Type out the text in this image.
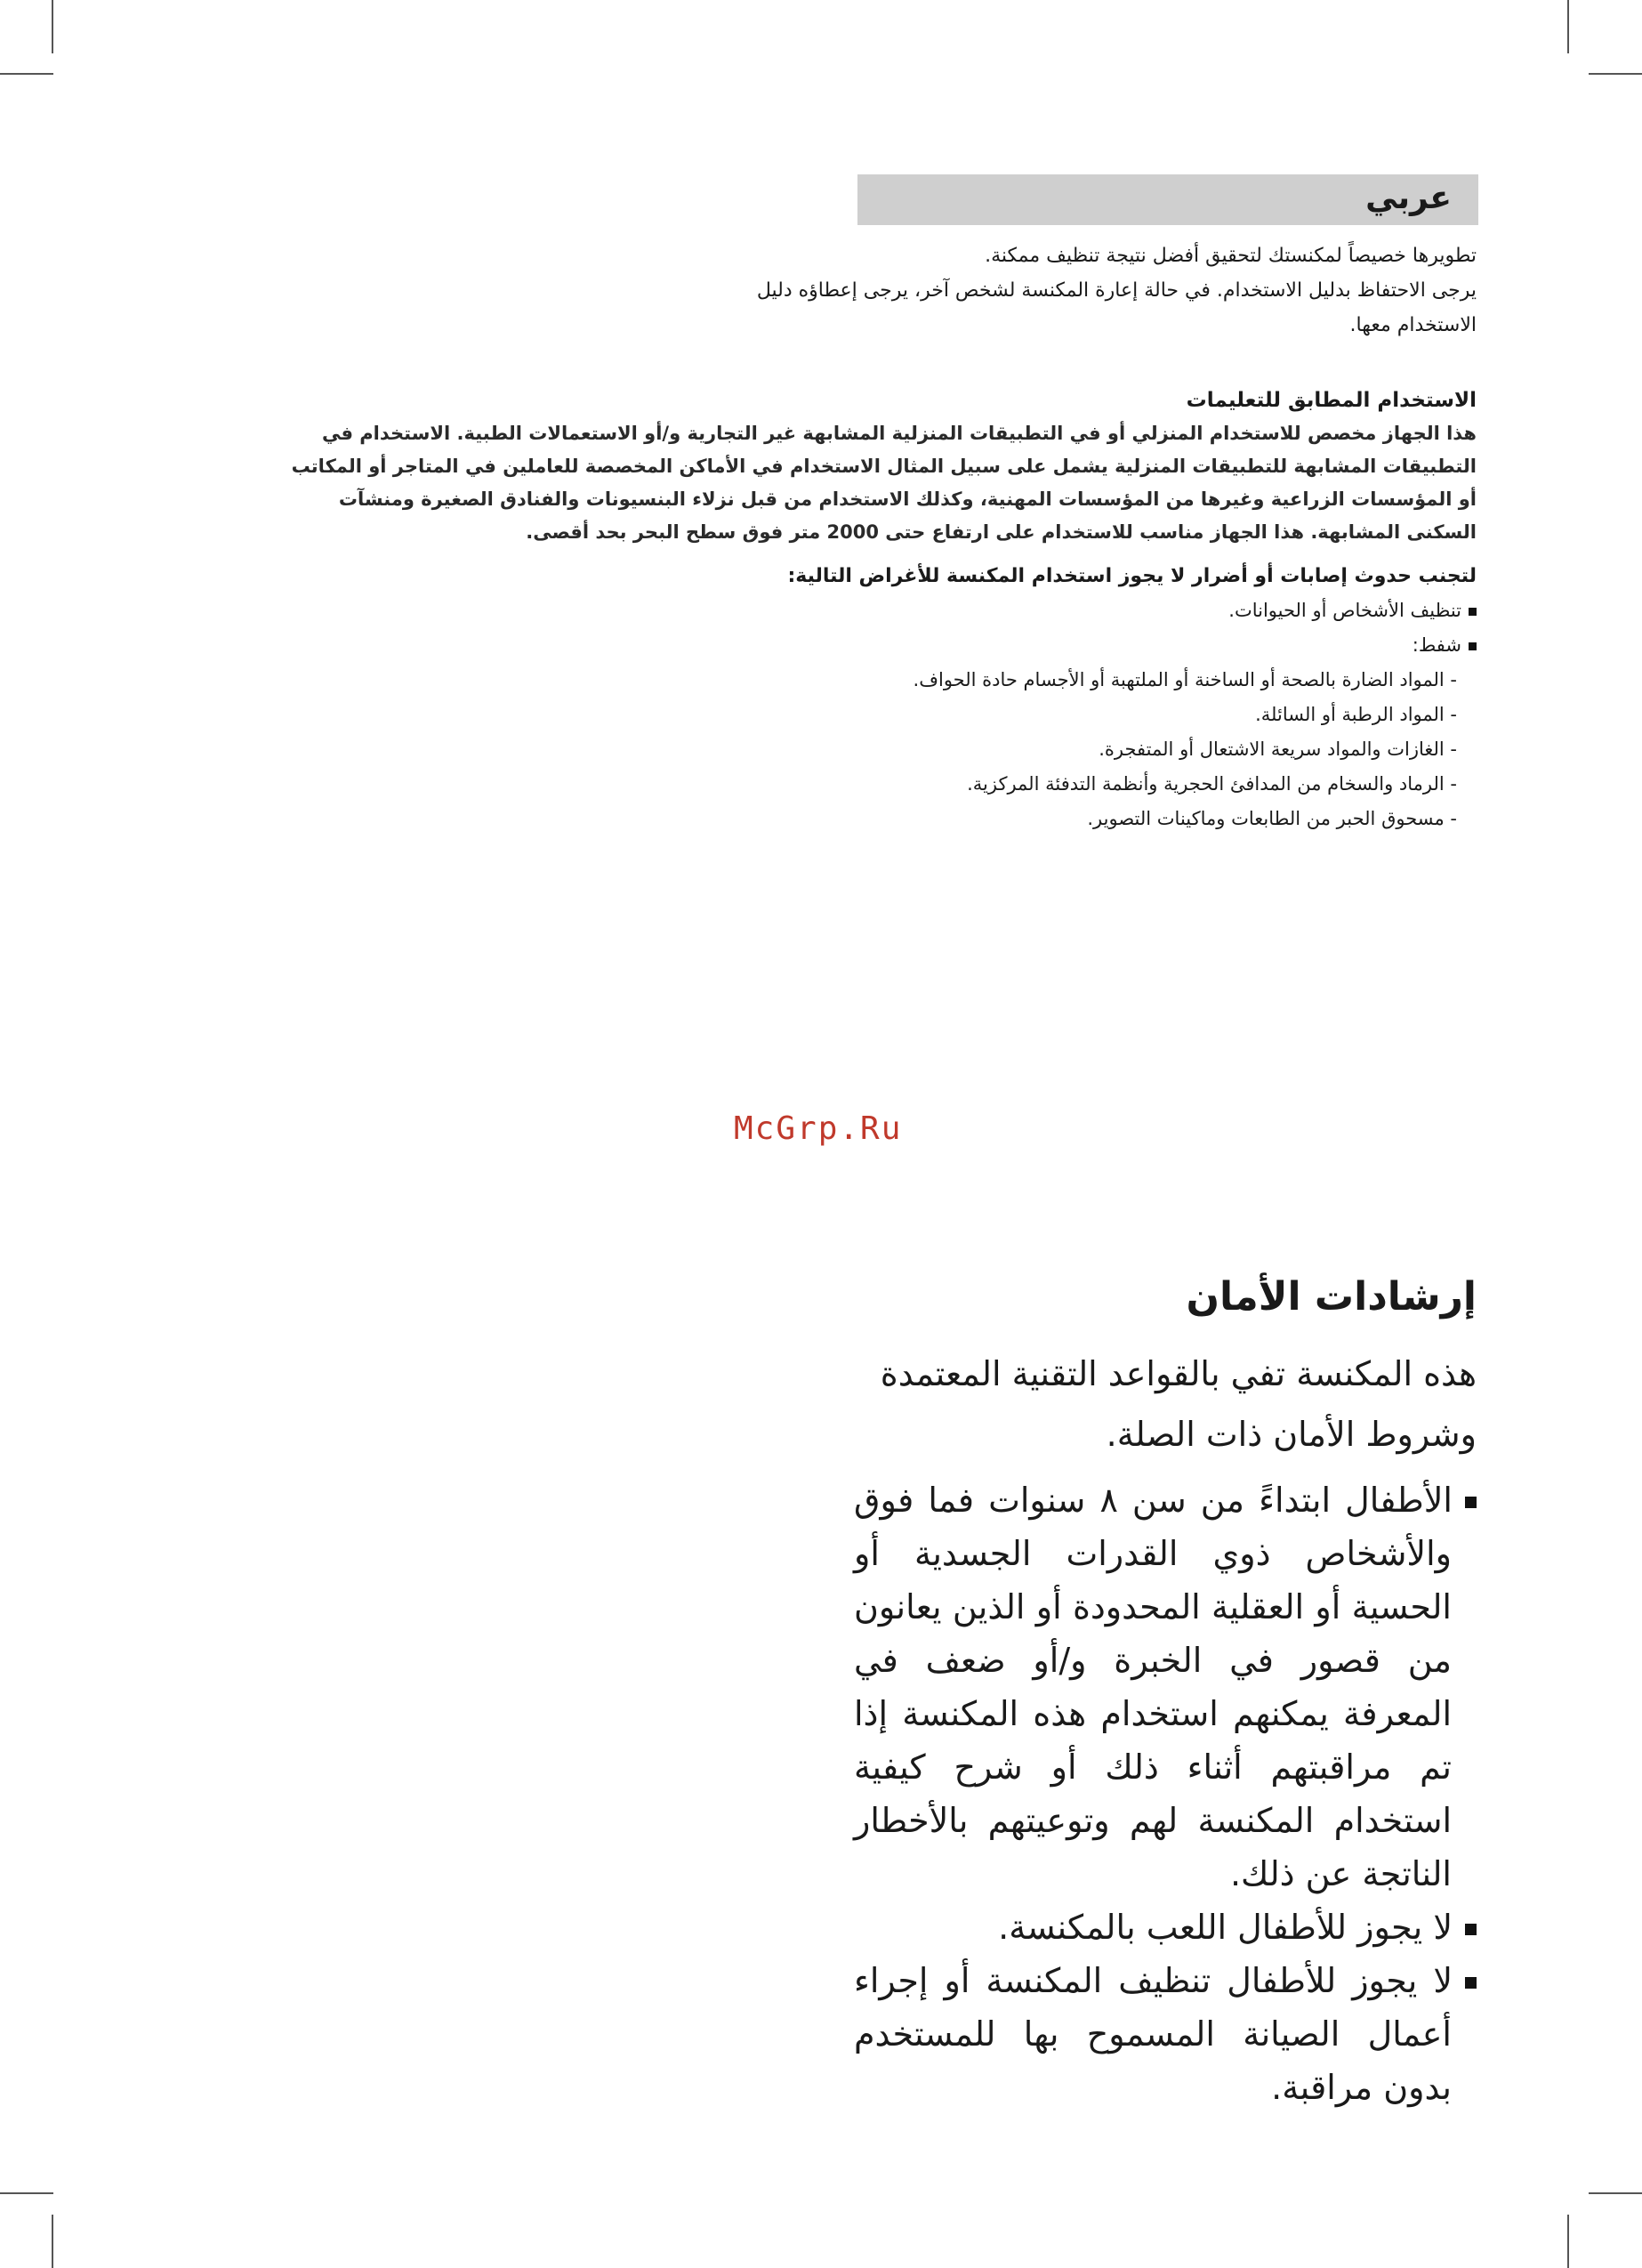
عربي

تطويرها خصيصاً لمكنستك لتحقيق أفضل نتيجة تنظيف ممكنة.

يرجى الاحتفاظ بدليل الاستخدام. في حالة إعارة المكنسة لشخص آخر، يرجى إعطاؤه دليل الاستخدام معها.

الاستخدام المطابق للتعليمات

هذا الجهاز مخصص للاستخدام المنزلي أو في التطبيقات المنزلية المشابهة غير التجارية و/أو الاستعمالات الطبية. الاستخدام في التطبيقات المشابهة للتطبيقات المنزلية يشمل على سبيل المثال الاستخدام في الأماكن المخصصة للعاملين في المتاجر أو المكاتب أو المؤسسات الزراعية وغيرها من المؤسسات المهنية، وكذلك الاستخدام من قبل نزلاء البنسيونات والفنادق الصغيرة ومنشآت السكنى المشابهة. هذا الجهاز مناسب للاستخدام على ارتفاع حتى 2000 متر فوق سطح البحر بحد أقصى.

لتجنب حدوث إصابات أو أضرار لا يجوز استخدام المكنسة للأغراض التالية:
تنظيف الأشخاص أو الحيوانات.
شفط:
- المواد الضارة بالصحة أو الساخنة أو الملتهبة أو الأجسام حادة الحواف.
- المواد الرطبة أو السائلة.
- الغازات والمواد سريعة الاشتعال أو المتفجرة.
- الرماد والسخام من المدافئ الحجرية وأنظمة التدفئة المركزية.
- مسحوق الحبر من الطابعات وماكينات التصوير.
McGrp.Ru
إرشادات الأمان

هذه المكنسة تفي بالقواعد التقنية المعتمدة وشروط الأمان ذات الصلة.

الأطفال ابتداءً من سن ٨ سنوات فما فوق والأشخاص ذوي القدرات الجسدية أو الحسية أو العقلية المحدودة أو الذين يعانون من قصور في الخبرة و/أو ضعف في المعرفة يمكنهم استخدام هذه المكنسة إذا تم مراقبتهم أثناء ذلك أو شرح كيفية استخدام المكنسة لهم وتوعيتهم بالأخطار الناتجة عن ذلك.
لا يجوز للأطفال اللعب بالمكنسة.
لا يجوز للأطفال تنظيف المكنسة أو إجراء أعمال الصيانة المسموح بها للمستخدم بدون مراقبة.
